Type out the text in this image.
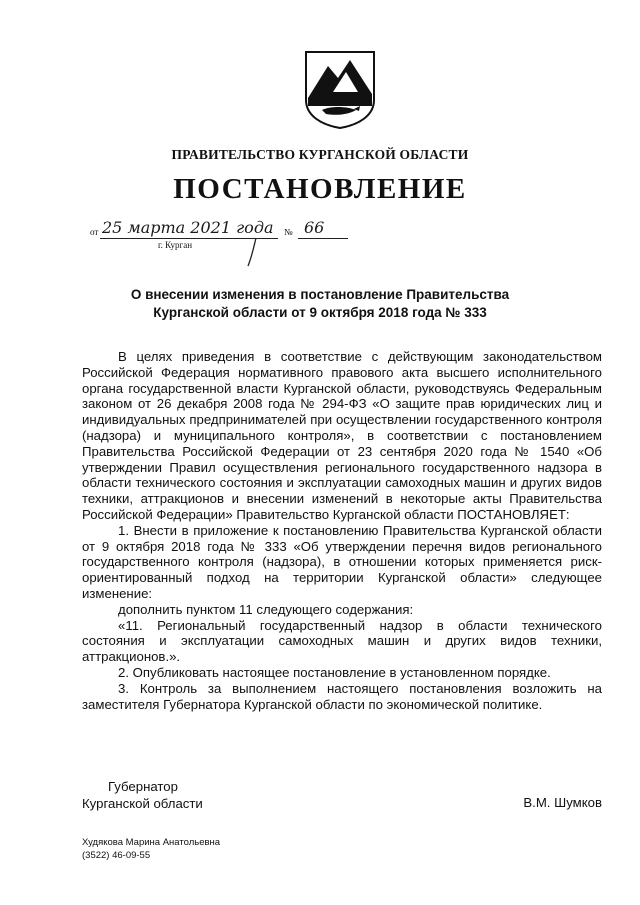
ПРАВИТЕЛЬСТВО КУРГАНСКОЙ ОБЛАСТИ
ПОСТАНОВЛЕНИЕ
от 25 марта 2021 года № 66
г. Курган
О внесении изменения в постановление Правительства
Курганской области от 9 октября 2018 года № 333

В целях приведения в соответствие с действующим законодательством Российской Федерация нормативного правового акта высшего исполнительного органа государственной власти Курганской области, руководствуясь Федеральным законом от 26 декабря 2008 года № 294-ФЗ «О защите прав юридических лиц и индивидуальных предпринимателей при осуществлении государственного контроля (надзора) и муниципального контроля», в соответствии с постановлением Правительства Российской Федерации от 23 сентября 2020 года № 1540 «Об утверждении Правил осуществления регионального государственного надзора в области технического состояния и эксплуатации самоходных машин и других видов техники, аттракционов и внесении изменений в некоторые акты Правительства Российской Федерации» Правительство Курганской области ПОСТАНОВЛЯЕТ:

1. Внести в приложение к постановлению Правительства Курганской области от 9 октября 2018 года № 333 «Об утверждении перечня видов регионального государственного контроля (надзора), в отношении которых применяется риск-ориентированный подход на территории Курганской области» следующее изменение:

дополнить пунктом 11 следующего содержания:

«11. Региональный государственный надзор в области технического состояния и эксплуатации самоходных машин и других видов техники, аттракционов.».

2. Опубликовать настоящее постановление в установленном порядке.

3. Контроль за выполнением настоящего постановления возложить на заместителя Губернатора Курганской области по экономической политике.

Губернатор
Курганской области	В.М. Шумков
Худякова Марина Анатольевна
(3522) 46-09-55
